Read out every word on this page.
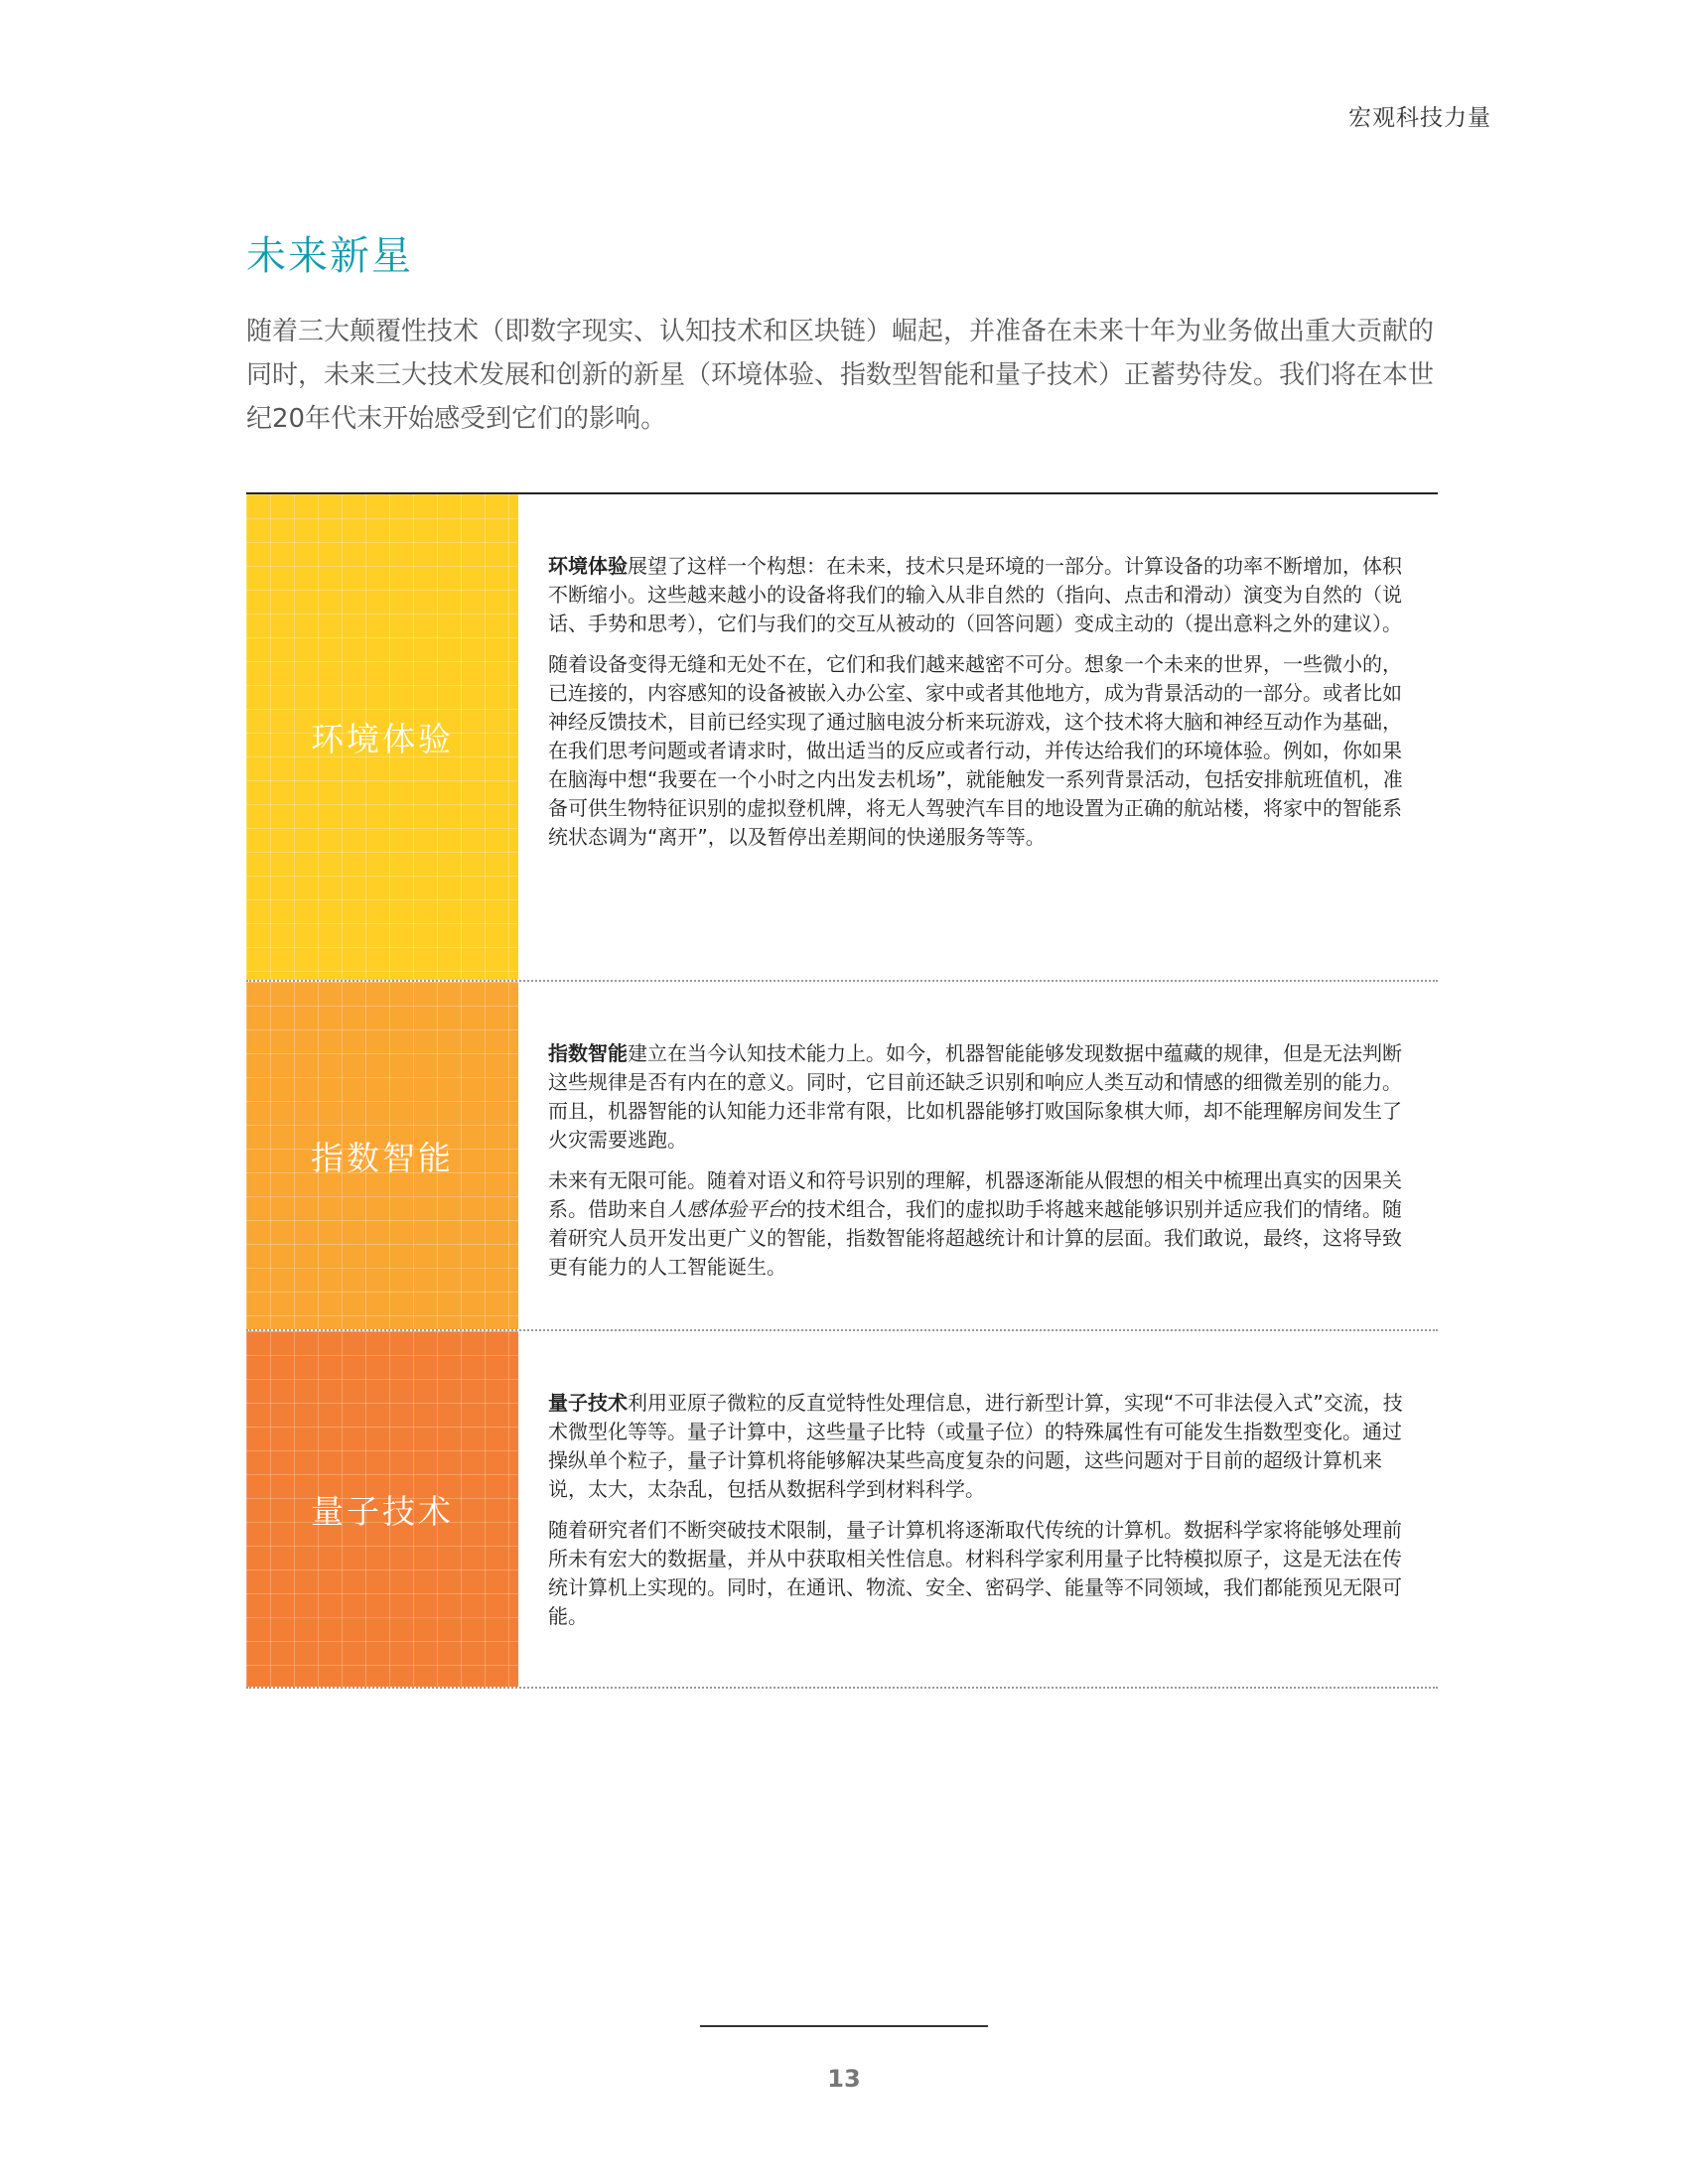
宏观科技力量
未来新星

随着三大颠覆性技术（即数字现实、认知技术和区块链）崛起，并准备在未来十年为业务做出重大贡献的同时，未来三大技术发展和创新的新星（环境体验、指数型智能和量子技术）正蓄势待发。我们将在本世纪20年代末开始感受到它们的影响。

环境体验

环境体验展望了这样一个构想：在未来，技术只是环境的一部分。计算设备的功率不断增加，体积不断缩小。这些越来越小的设备将我们的输入从非自然的（指向、点击和滑动）演变为自然的（说话、手势和思考），它们与我们的交互从被动的（回答问题）变成主动的（提出意料之外的建议）。

随着设备变得无缝和无处不在，它们和我们越来越密不可分。想象一个未来的世界，一些微小的，已连接的，内容感知的设备被嵌入办公室、家中或者其他地方，成为背景活动的一部分。或者比如神经反馈技术，目前已经实现了通过脑电波分析来玩游戏，这个技术将大脑和神经互动作为基础，在我们思考问题或者请求时，做出适当的反应或者行动，并传达给我们的环境体验。例如，你如果在脑海中想“我要在一个小时之内出发去机场”，就能触发一系列背景活动，包括安排航班值机，准备可供生物特征识别的虚拟登机牌，将无人驾驶汽车目的地设置为正确的航站楼，将家中的智能系统状态调为“离开”，以及暂停出差期间的快递服务等等。

指数智能

指数智能建立在当今认知技术能力上。如今，机器智能能够发现数据中蕴藏的规律，但是无法判断这些规律是否有内在的意义。同时，它目前还缺乏识别和响应人类互动和情感的细微差别的能力。而且，机器智能的认知能力还非常有限，比如机器能够打败国际象棋大师，却不能理解房间发生了火灾需要逃跑。

未来有无限可能。随着对语义和符号识别的理解，机器逐渐能从假想的相关中梳理出真实的因果关系。借助来自人感体验平台的技术组合，我们的虚拟助手将越来越能够识别并适应我们的情绪。随着研究人员开发出更广义的智能，指数智能将超越统计和计算的层面。我们敢说，最终，这将导致更有能力的人工智能诞生。

量子技术

量子技术利用亚原子微粒的反直觉特性处理信息，进行新型计算，实现“不可非法侵入式”交流，技术微型化等等。量子计算中，这些量子比特（或量子位）的特殊属性有可能发生指数型变化。通过操纵单个粒子，量子计算机将能够解决某些高度复杂的问题，这些问题对于目前的超级计算机来说，太大，太杂乱，包括从数据科学到材料科学。

随着研究者们不断突破技术限制，量子计算机将逐渐取代传统的计算机。数据科学家将能够处理前所未有宏大的数据量，并从中获取相关性信息。材料科学家利用量子比特模拟原子，这是无法在传统计算机上实现的。同时，在通讯、物流、安全、密码学、能量等不同领域，我们都能预见无限可能。

13
